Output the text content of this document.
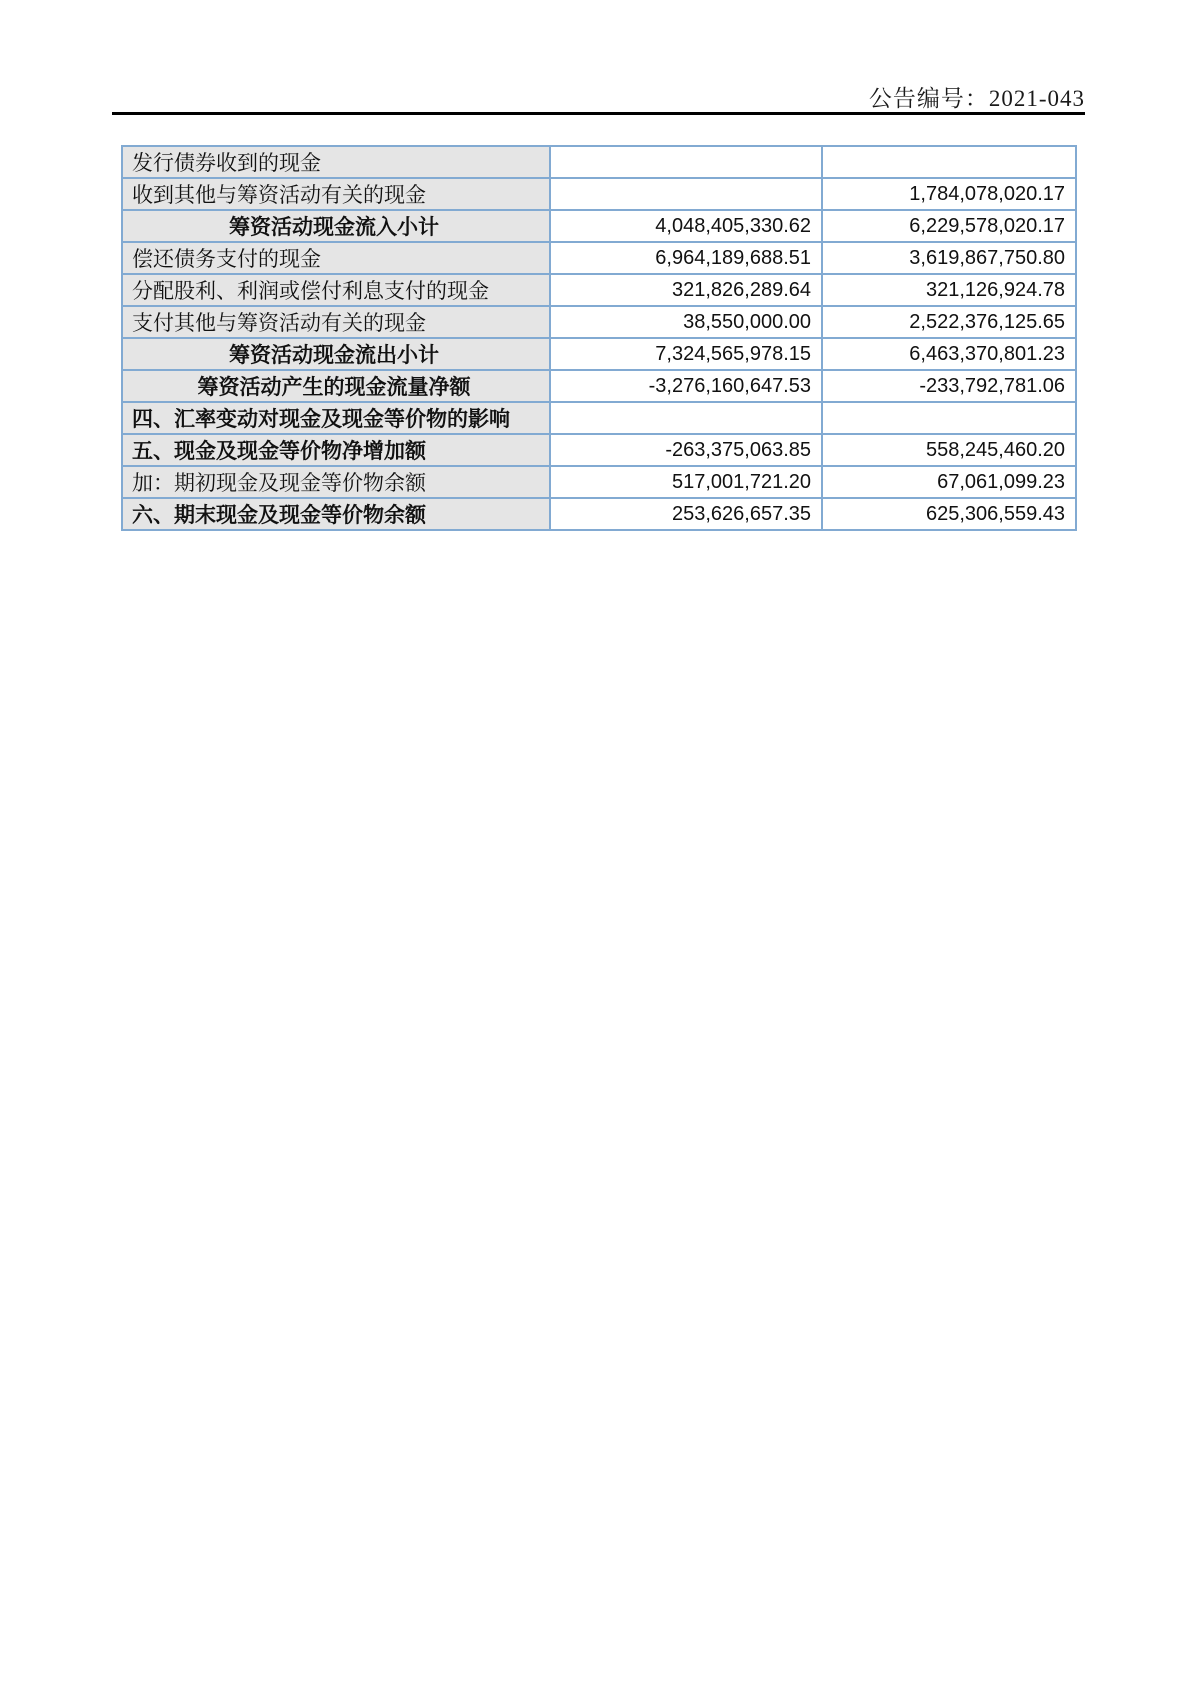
公告编号：2021-043
发行债券收到的现金		
收到其他与筹资活动有关的现金		1,784,078,020.17
筹资活动现金流入小计	4,048,405,330.62	6,229,578,020.17
偿还债务支付的现金	6,964,189,688.51	3,619,867,750.80
分配股利、利润或偿付利息支付的现金	321,826,289.64	321,126,924.78
支付其他与筹资活动有关的现金	38,550,000.00	2,522,376,125.65
筹资活动现金流出小计	7,324,565,978.15	6,463,370,801.23
筹资活动产生的现金流量净额	-3,276,160,647.53	-233,792,781.06
四、汇率变动对现金及现金等价物的影响		
五、现金及现金等价物净增加额	-263,375,063.85	558,245,460.20
加：期初现金及现金等价物余额	517,001,721.20	67,061,099.23
六、期末现金及现金等价物余额	253,626,657.35	625,306,559.43
